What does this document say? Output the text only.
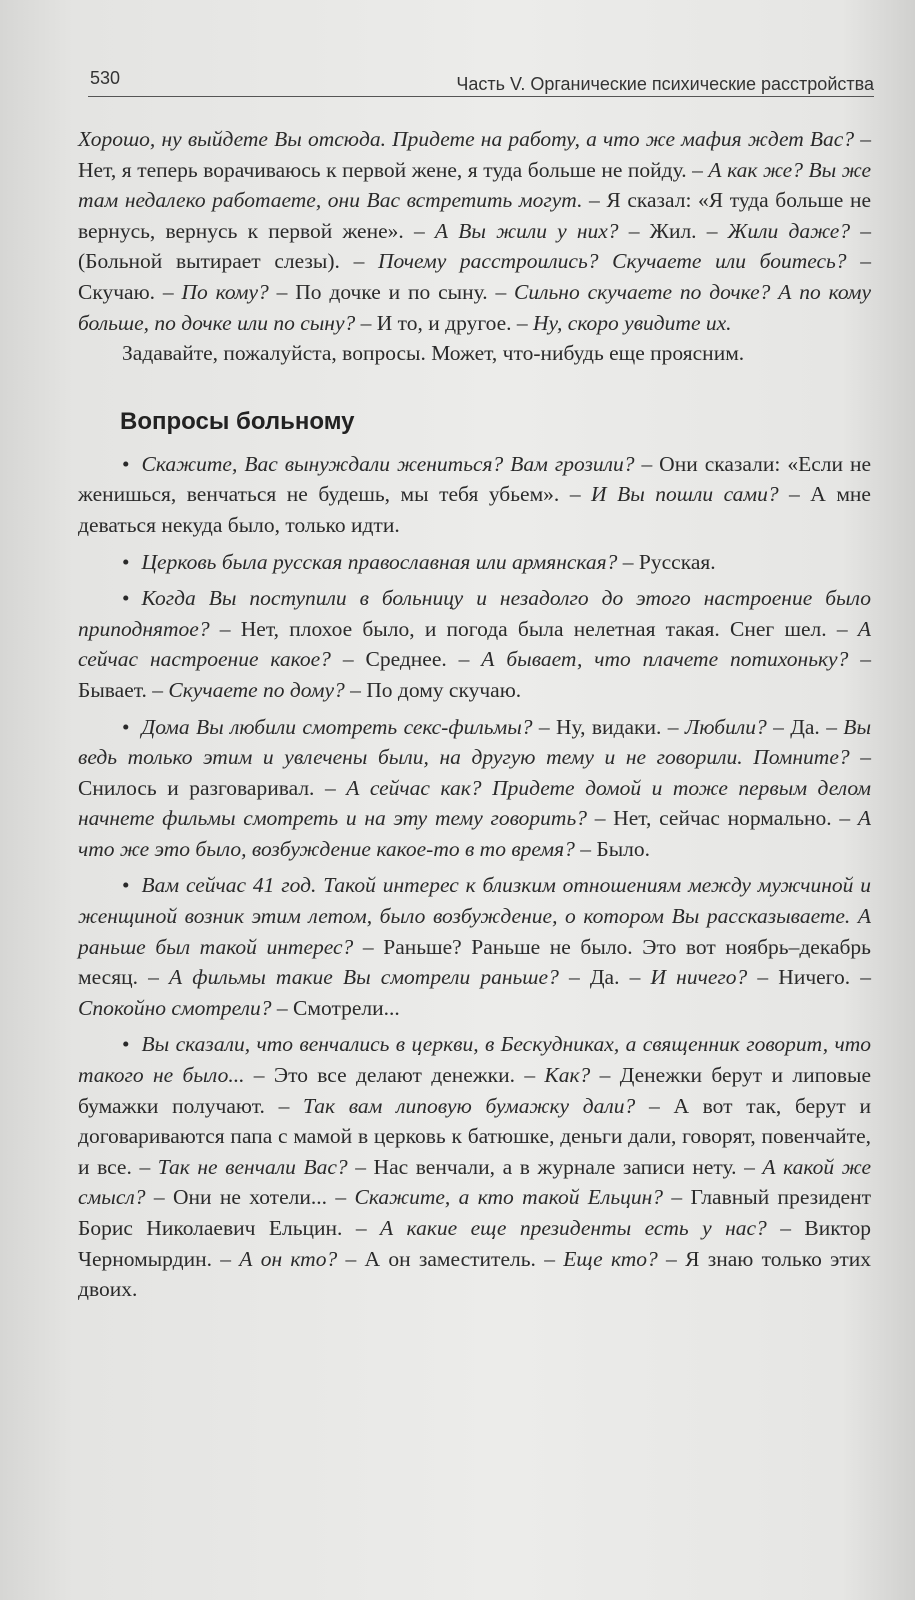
530	Часть V. Органические психические расстройства

Хорошо, ну выйдете Вы отсюда. Придете на работу, а что же мафия ждет Вас? – Нет, я теперь ворачиваюсь к первой жене, я туда больше не пойду. – А как же? Вы же там недалеко работаете, они Вас встретить могут. – Я сказал: «Я туда больше не вернусь, вернусь к первой жене». – А Вы жили у них? – Жил. – Жили даже? – (Больной вытирает слезы). – Почему расстроились? Скучаете или боитесь? – Скучаю. – По кому? – По дочке и по сыну. – Сильно скучаете по дочке? А по кому больше, по дочке или по сыну? – И то, и другое. – Ну, скоро увидите их.

Задавайте, пожалуйста, вопросы. Может, что-нибудь еще проясним.

Вопросы больному

• Скажите, Вас вынуждали жениться? Вам грозили? – Они сказали: «Если не женишься, венчаться не будешь, мы тебя убьем». – И Вы пошли сами? – А мне деваться некуда было, только идти.

• Церковь была русская православная или армянская? – Русская.

• Когда Вы поступили в больницу и незадолго до этого настроение было приподнятое? – Нет, плохое было, и погода была нелетная такая. Снег шел. – А сейчас настроение какое? – Среднее. – А бывает, что плачете потихоньку? – Бывает. – Скучаете по дому? – По дому скучаю.

• Дома Вы любили смотреть секс-фильмы? – Ну, видаки. – Любили? – Да. – Вы ведь только этим и увлечены были, на другую тему и не говорили. Помните? – Снилось и разговаривал. – А сейчас как? Придете домой и тоже первым делом начнете фильмы смотреть и на эту тему говорить? – Нет, сейчас нормально. – А что же это было, возбуждение какое-то в то время? – Было.

• Вам сейчас 41 год. Такой интерес к близким отношениям между мужчиной и женщиной возник этим летом, было возбуждение, о котором Вы рассказываете. А раньше был такой интерес? – Раньше? Раньше не было. Это вот ноябрь–декабрь месяц. – А фильмы такие Вы смотрели раньше? – Да. – И ничего? – Ничего. – Спокойно смотрели? – Смотрели...

• Вы сказали, что венчались в церкви, в Бескудниках, а священник говорит, что такого не было... – Это все делают денежки. – Как? – Денежки берут и липовые бумажки получают. – Так вам липовую бумажку дали? – А вот так, берут и договариваются папа с мамой в церковь к батюшке, деньги дали, говорят, повенчайте, и все. – Так не венчали Вас? – Нас венчали, а в журнале записи нету. – А какой же смысл? – Они не хотели... – Скажите, а кто такой Ельцин? – Главный президент Борис Николаевич Ельцин. – А какие еще президенты есть у нас? – Виктор Черномырдин. – А он кто? – А он заместитель. – Еще кто? – Я знаю только этих двоих.
